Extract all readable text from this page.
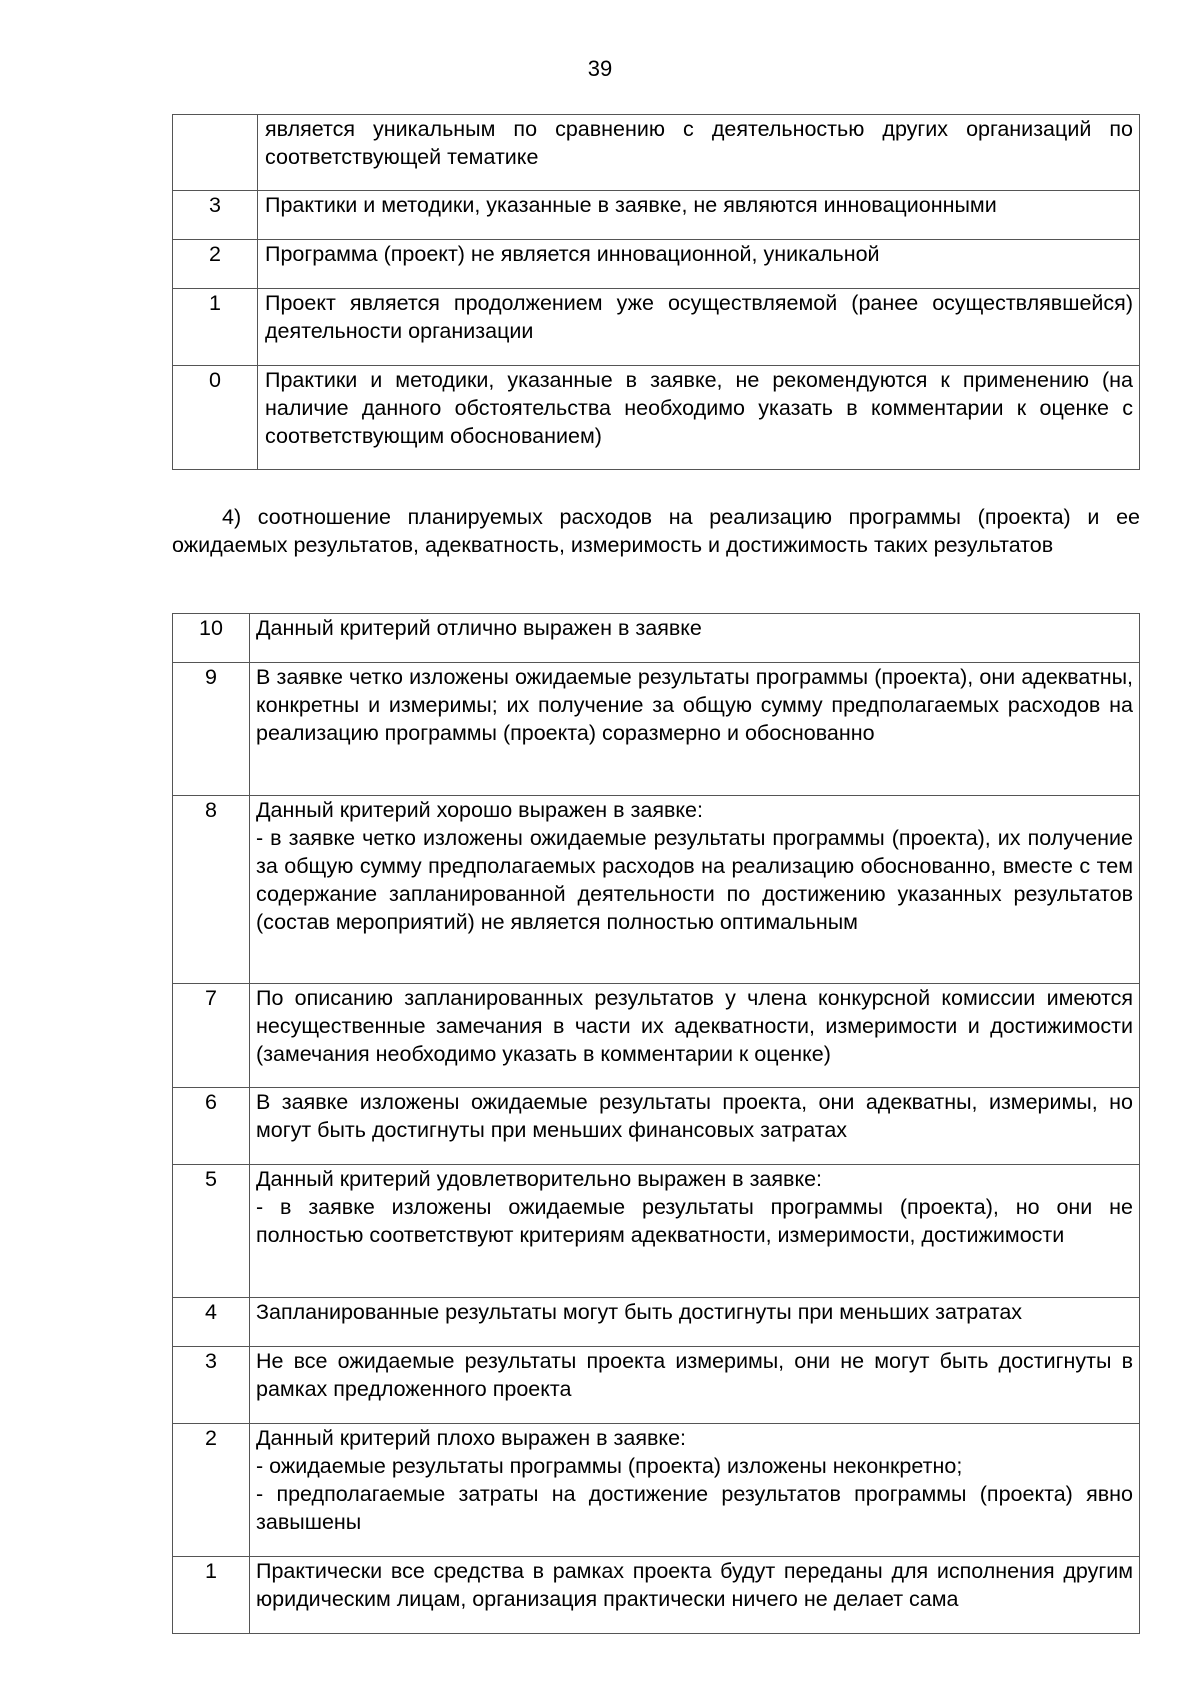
39
	является уникальным по сравнению с деятельностью других организаций по соответствующей тематике
3	Практики и методики, указанные в заявке, не являются инновационными
2	Программа (проект) не является инновационной, уникальной
1	Проект является продолжением уже осуществляемой (ранее осуществлявшейся) деятельности организации
0	Практики и методики, указанные в заявке, не рекомендуются к применению (на наличие данного обстоятельства необходимо указать в комментарии к оценке с соответствующим обоснованием)

4) соотношение планируемых расходов на реализацию программы (проекта) и ее ожидаемых результатов, адекватность, измеримость и достижимость таких результатов

10	Данный критерий отлично выражен в заявке
9	В заявке четко изложены ожидаемые результаты программы (проекта), они адекватны, конкретны и измеримы; их получение за общую сумму предполагаемых расходов на реализацию программы (проекта) соразмерно и обоснованно
8	Данный критерий хорошо выражен в заявке:
- в заявке четко изложены ожидаемые результаты программы (проекта), их получение за общую сумму предполагаемых расходов на реализацию обоснованно, вместе с тем содержание запланированной деятельности по достижению указанных результатов (состав мероприятий) не является полностью оптимальным

7	По описанию запланированных результатов у члена конкурсной комиссии имеются несущественные замечания в части их адекватности, измеримости и достижимости (замечания необходимо указать в комментарии к оценке)
6	В заявке изложены ожидаемые результаты проекта, они адекватны, измеримы, но могут быть достигнуты при меньших финансовых затратах
5	Данный критерий удовлетворительно выражен в заявке:
- в заявке изложены ожидаемые результаты программы (проекта), но они не полностью соответствуют критериям адекватности, измеримости, достижимости

4	Запланированные результаты могут быть достигнуты при меньших затратах
3	Не все ожидаемые результаты проекта измеримы, они не могут быть достигнуты в рамках предложенного проекта
2	Данный критерий плохо выражен в заявке:
- ожидаемые результаты программы (проекта) изложены неконкретно;
- предполагаемые затраты на достижение результатов программы (проекта) явно завышены

1	Практически все средства в рамках проекта будут переданы для исполнения другим юридическим лицам, организация практически ничего не делает сама
